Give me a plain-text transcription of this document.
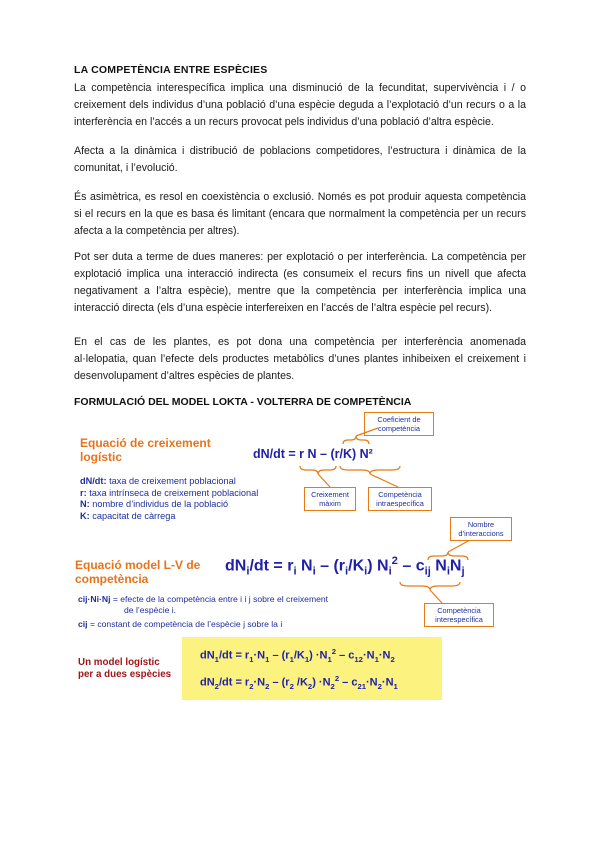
LA COMPETÈNCIA ENTRE ESPÈCIES

La competència interespecífica implica una disminució de la fecunditat, supervivència i / o creixement dels individus d’una població d’una espècie deguda a l’explotació d’un recurs o a la interferència en l’accés a un recurs provocat pels individus d’una població d’altra espècie.

Afecta a la dinàmica i distribució de poblacions competidores, l’estructura i dinàmica de la comunitat, i l’evolució.

És asimètrica, es resol en coexistència o exclusió. Només es pot produir aquesta competència si el recurs en la que es basa és limitant (encara que normalment la competència per un recurs afecta a la competència per altres).

Pot ser duta a terme de dues maneres: per explotació o per interferència. La competència per explotació implica una interacció indirecta (es consumeix el recurs fins un nivell que afecta negativament a l’altra espècie), mentre que la competència per interferència implica una interacció directa (els d’una espècie interfereixen en l’accés de l’altra espècie pel recurs).

En el cas de les plantes, es pot dona una competència per interferència anomenada al·lelopatia, quan l’efecte dels productes metabòlics d’unes plantes inhibeixen el creixement i desenvolupament d’altres espècies de plantes.

FORMULACIÓ DEL MODEL LOKTA - VOLTERRA DE COMPETÈNCIA
Equació de creixement
logístic
dN/dt: taxa de creixement poblacional
r: taxa intrínseca de creixement poblacional
N: nombre d’individus de la població
K: capacitat de càrrega
dN/dt = r N – (r/K) N²
Coeficient de competència
Creixement màxim
Competència intraespecífica
Equació model L-V de
competència
$dN_i/dt = r_i$ $N_i - (r_i/K_i)$ $N_i^2 - c_{ij}$ $N_iN_j$
Nombre d’interaccions
Competència interespecífica
cij·Ni·Nj = efecte de la competència entre i i j sobre el creixement
de l’espècie i.
cij = constant de competència de l’espècie j sobre la i
Un model logístic
per a dues espècies
$dN_1/dt = r_1\cdot N_1 - (r_1/K_1) \cdot N_1^2 - c_{12}\cdot N_1\cdot N_2$
$dN_2/dt = r_2\cdot N_2 - (r_2$ $/K_2) \cdot N_2^2 - c_{21}\cdot N_2\cdot N_1$
